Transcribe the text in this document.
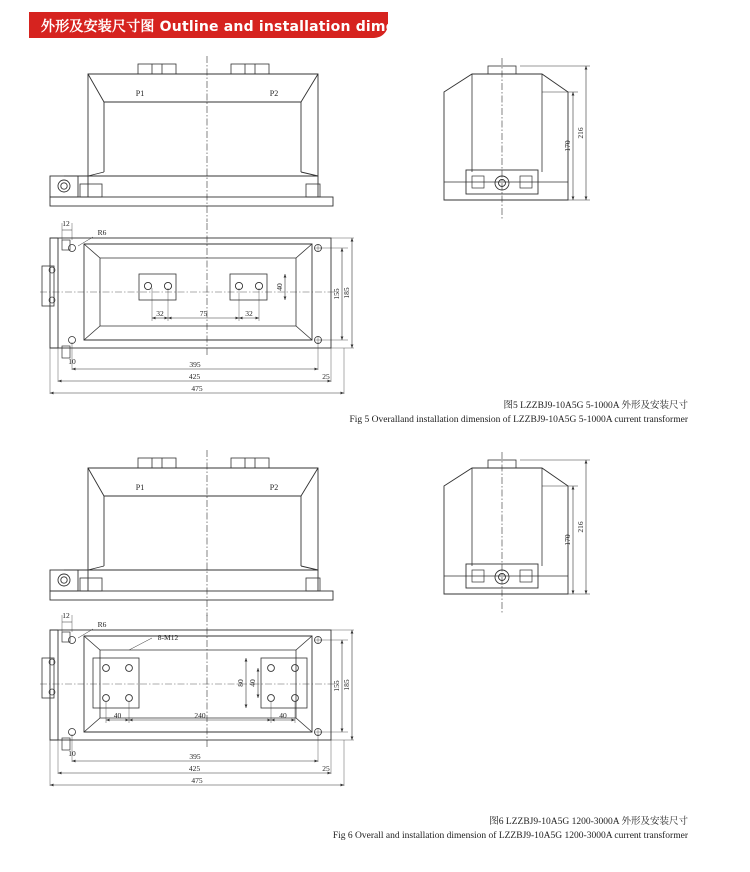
外形及安装尺寸图 Outline and installation dimension
P1	P2
170
216
40
32	75	32
12
R6
155 185
10	395
425	25
475
P1	P2
170
216
80 40
8-M12
40	240	40
12
R6
155 185
10	395
425	25
475
图5 LZZBJ9-10A5G 5-1000A 外形及安装尺寸
Fig 5 Overalland installation dimension of LZZBJ9-10A5G 5-1000A current transformer
图6 LZZBJ9-10A5G 1200-3000A 外形及安装尺寸
Fig 6 Overall and installation dimension of LZZBJ9-10A5G 1200-3000A current transformer
